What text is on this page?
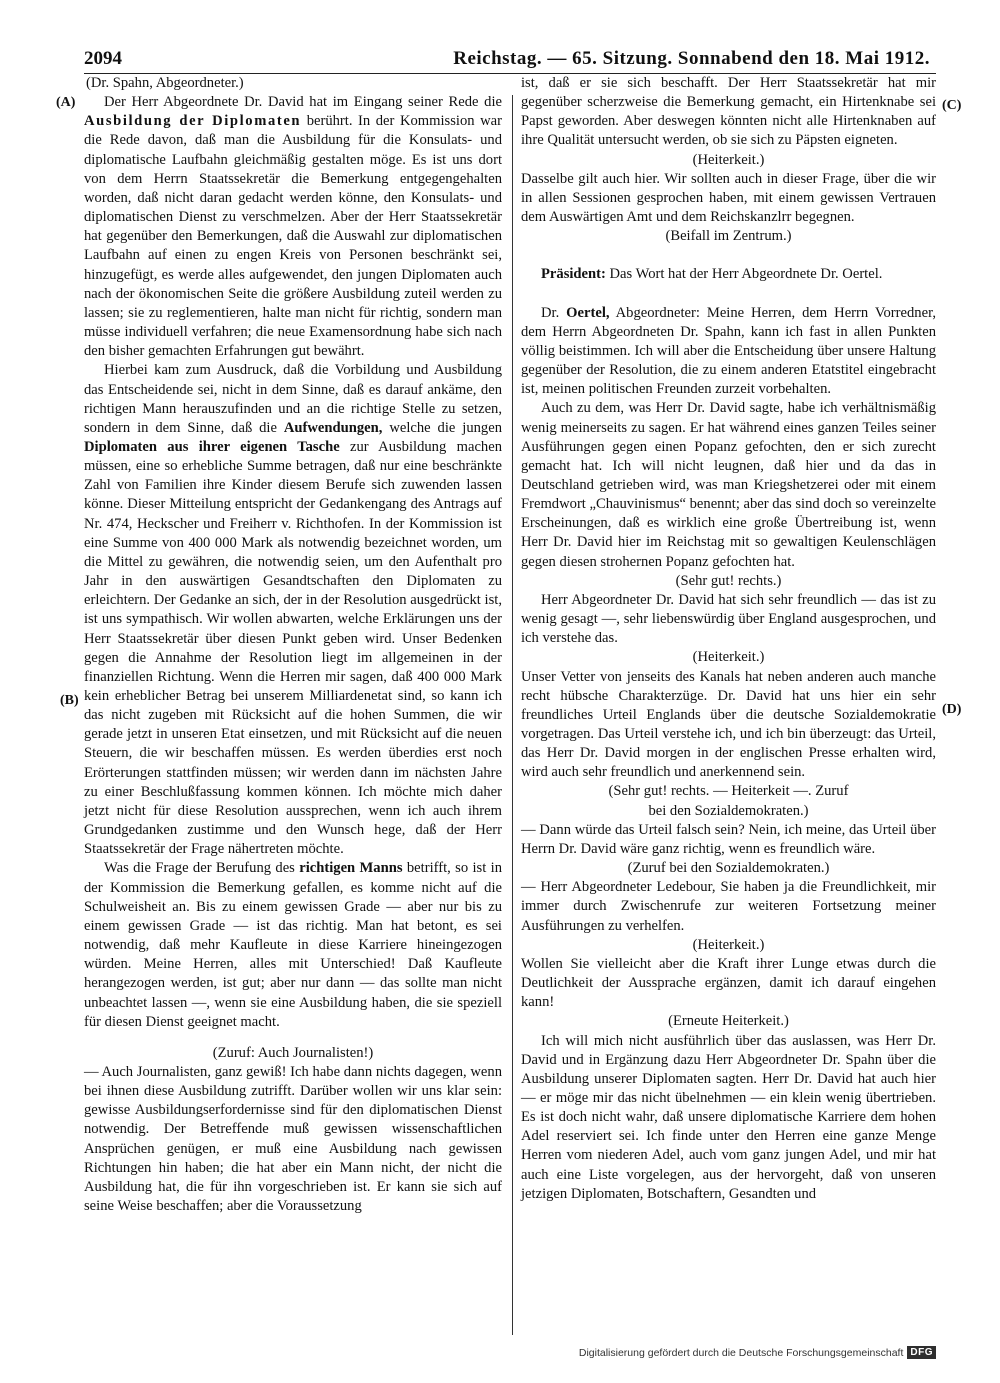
2094	Reichstag. — 65. Sitzung. Sonnabend den 18. Mai 1912.
(A)
(B)
(C)
(D)

(Dr. Spahn, Abgeordneter.)

Der Herr Abgeordnete Dr. David hat im Eingang seiner Rede die Ausbildung der Diplomaten berührt. In der Kommission war die Rede davon, daß man die Ausbildung für die Konsulats- und diplomatische Laufbahn gleichmäßig gestalten möge. Es ist uns dort von dem Herrn Staatssekretär die Bemerkung entgegengehalten worden, daß nicht daran gedacht werden könne, den Konsulats- und diplomatischen Dienst zu verschmelzen. Aber der Herr Staatssekretär hat gegenüber den Bemerkungen, daß die Auswahl zur diplomatischen Laufbahn auf einen zu engen Kreis von Personen beschränkt sei, hinzugefügt, es werde alles aufgewendet, den jungen Diplomaten auch nach der ökonomischen Seite die größere Ausbildung zuteil werden zu lassen; sie zu reglementieren, halte man nicht für richtig, sondern man müsse individuell verfahren; die neue Examensordnung habe sich nach den bisher gemachten Erfahrungen gut bewährt.

Hierbei kam zum Ausdruck, daß die Vorbildung und Ausbildung das Entscheidende sei, nicht in dem Sinne, daß es darauf ankäme, den richtigen Mann herauszufinden und an die richtige Stelle zu setzen, sondern in dem Sinne, daß die Aufwendungen, welche die jungen Diplomaten aus ihrer eigenen Tasche zur Ausbildung machen müssen, eine so erhebliche Summe betragen, daß nur eine beschränkte Zahl von Familien ihre Kinder diesem Berufe sich zuwenden lassen könne. Dieser Mitteilung entspricht der Gedankengang des Antrags auf Nr. 474, Heckscher und Freiherr v. Richthofen. In der Kommission ist eine Summe von 400 000 Mark als notwendig bezeichnet worden, um die Mittel zu gewähren, die notwendig seien, um den Aufenthalt pro Jahr in den auswärtigen Gesandtschaften den Diplomaten zu erleichtern. Der Gedanke an sich, der in der Resolution ausgedrückt ist, ist uns sympathisch. Wir wollen abwarten, welche Erklärungen uns der Herr Staatssekretär über diesen Punkt geben wird. Unser Bedenken gegen die Annahme der Resolution liegt im allgemeinen in der finanziellen Richtung. Wenn die Herren mir sagen, daß 400 000 Mark kein erheblicher Betrag bei unserem Milliardenetat sind, so kann ich das nicht zugeben mit Rücksicht auf die hohen Summen, die wir gerade jetzt in unseren Etat einsetzen, und mit Rücksicht auf die neuen Steuern, die wir beschaffen müssen. Es werden überdies erst noch Erörterungen stattfinden müssen; wir werden dann im nächsten Jahre zu einer Beschlußfassung kommen können. Ich möchte mich daher jetzt nicht für diese Resolution aussprechen, wenn ich auch ihrem Grundgedanken zustimme und den Wunsch hege, daß der Herr Staatssekretär der Frage nähertreten möchte.

Was die Frage der Berufung des richtigen Manns betrifft, so ist in der Kommission die Bemerkung gefallen, es komme nicht auf die Schulweisheit an. Bis zu einem gewissen Grade — aber nur bis zu einem gewissen Grade — ist das richtig. Man hat betont, es sei notwendig, daß mehr Kaufleute in diese Karriere hineingezogen würden. Meine Herren, alles mit Unterschied! Daß Kaufleute herangezogen werden, ist gut; aber nur dann — das sollte man nicht unbeachtet lassen —, wenn sie eine Ausbildung haben, die sie speziell für diesen Dienst geeignet macht.

(Zuruf: Auch Journalisten!)

— Auch Journalisten, ganz gewiß! Ich habe dann nichts dagegen, wenn bei ihnen diese Ausbildung zutrifft. Darüber wollen wir uns klar sein: gewisse Ausbildungserfordernisse sind für den diplomatischen Dienst notwendig. Der Betreffende muß gewissen wissenschaftlichen Ansprüchen genügen, er muß eine Ausbildung nach gewissen Richtungen hin haben; die hat aber ein Mann nicht, der nicht die Ausbildung hat, die für ihn vorgeschrieben ist. Er kann sie sich auf seine Weise beschaffen; aber die Voraussetzung

ist, daß er sie sich beschafft. Der Herr Staatssekretär hat mir gegenüber scherzweise die Bemerkung gemacht, ein Hirtenknabe sei Papst geworden. Aber deswegen könnten nicht alle Hirtenknaben auf ihre Qualität untersucht werden, ob sie sich zu Päpsten eigneten.

(Heiterkeit.)

Dasselbe gilt auch hier. Wir sollten auch in dieser Frage, über die wir in allen Sessionen gesprochen haben, mit einem gewissen Vertrauen dem Auswärtigen Amt und dem Reichskanzlrr begegnen.

(Beifall im Zentrum.)

Präsident: Das Wort hat der Herr Abgeordnete Dr. Oertel.

Dr. Oertel, Abgeordneter: Meine Herren, dem Herrn Vorredner, dem Herrn Abgeordneten Dr. Spahn, kann ich fast in allen Punkten völlig beistimmen. Ich will aber die Entscheidung über unsere Haltung gegenüber der Resolution, die zu einem anderen Etatstitel eingebracht ist, meinen politischen Freunden zurzeit vorbehalten.

Auch zu dem, was Herr Dr. David sagte, habe ich verhältnismäßig wenig meinerseits zu sagen. Er hat während eines ganzen Teiles seiner Ausführungen gegen einen Popanz gefochten, den er sich zurecht gemacht hat. Ich will nicht leugnen, daß hier und da das in Deutschland getrieben wird, was man Kriegshetzerei oder mit einem Fremdwort „Chauvinismus“ benennt; aber das sind doch so vereinzelte Erscheinungen, daß es wirklich eine große Übertreibung ist, wenn Herr Dr. David hier im Reichstag mit so gewaltigen Keulenschlägen gegen diesen strohernen Popanz gefochten hat.

(Sehr gut! rechts.)

Herr Abgeordneter Dr. David hat sich sehr freundlich — das ist zu wenig gesagt —, sehr liebenswürdig über England ausgesprochen, und ich verstehe das.

(Heiterkeit.)

Unser Vetter von jenseits des Kanals hat neben anderen auch manche recht hübsche Charakterzüge. Dr. David hat uns hier ein sehr freundliches Urteil Englands über die deutsche Sozialdemokratie vorgetragen. Das Urteil verstehe ich, und ich bin überzeugt: das Urteil, das Herr Dr. David morgen in der englischen Presse erhalten wird, wird auch sehr freundlich und anerkennend sein.

(Sehr gut! rechts. — Heiterkeit —. Zuruf

bei den Sozialdemokraten.)

— Dann würde das Urteil falsch sein? Nein, ich meine, das Urteil über Herrn Dr. David wäre ganz richtig, wenn es freundlich wäre.

(Zuruf bei den Sozialdemokraten.)

— Herr Abgeordneter Ledebour, Sie haben ja die Freundlichkeit, mir immer durch Zwischenrufe zur weiteren Fortsetzung meiner Ausführungen zu verhelfen.

(Heiterkeit.)

Wollen Sie vielleicht aber die Kraft ihrer Lunge etwas durch die Deutlichkeit der Aussprache ergänzen, damit ich darauf eingehen kann!

(Erneute Heiterkeit.)

Ich will mich nicht ausführlich über das auslassen, was Herr Dr. David und in Ergänzung dazu Herr Abgeordneter Dr. Spahn über die Ausbildung unserer Diplomaten sagten. Herr Dr. David hat auch hier — er möge mir das nicht übelnehmen — ein klein wenig übertrieben. Es ist doch nicht wahr, daß unsere diplomatische Karriere dem hohen Adel reserviert sei. Ich finde unter den Herren eine ganze Menge Herren vom niederen Adel, auch vom ganz jungen Adel, und mir hat auch eine Liste vorgelegen, aus der hervorgeht, daß von unseren jetzigen Diplomaten, Botschaftern, Gesandten und

Digitalisierung gefördert durch die Deutsche Forschungsgemeinschaft DFG
